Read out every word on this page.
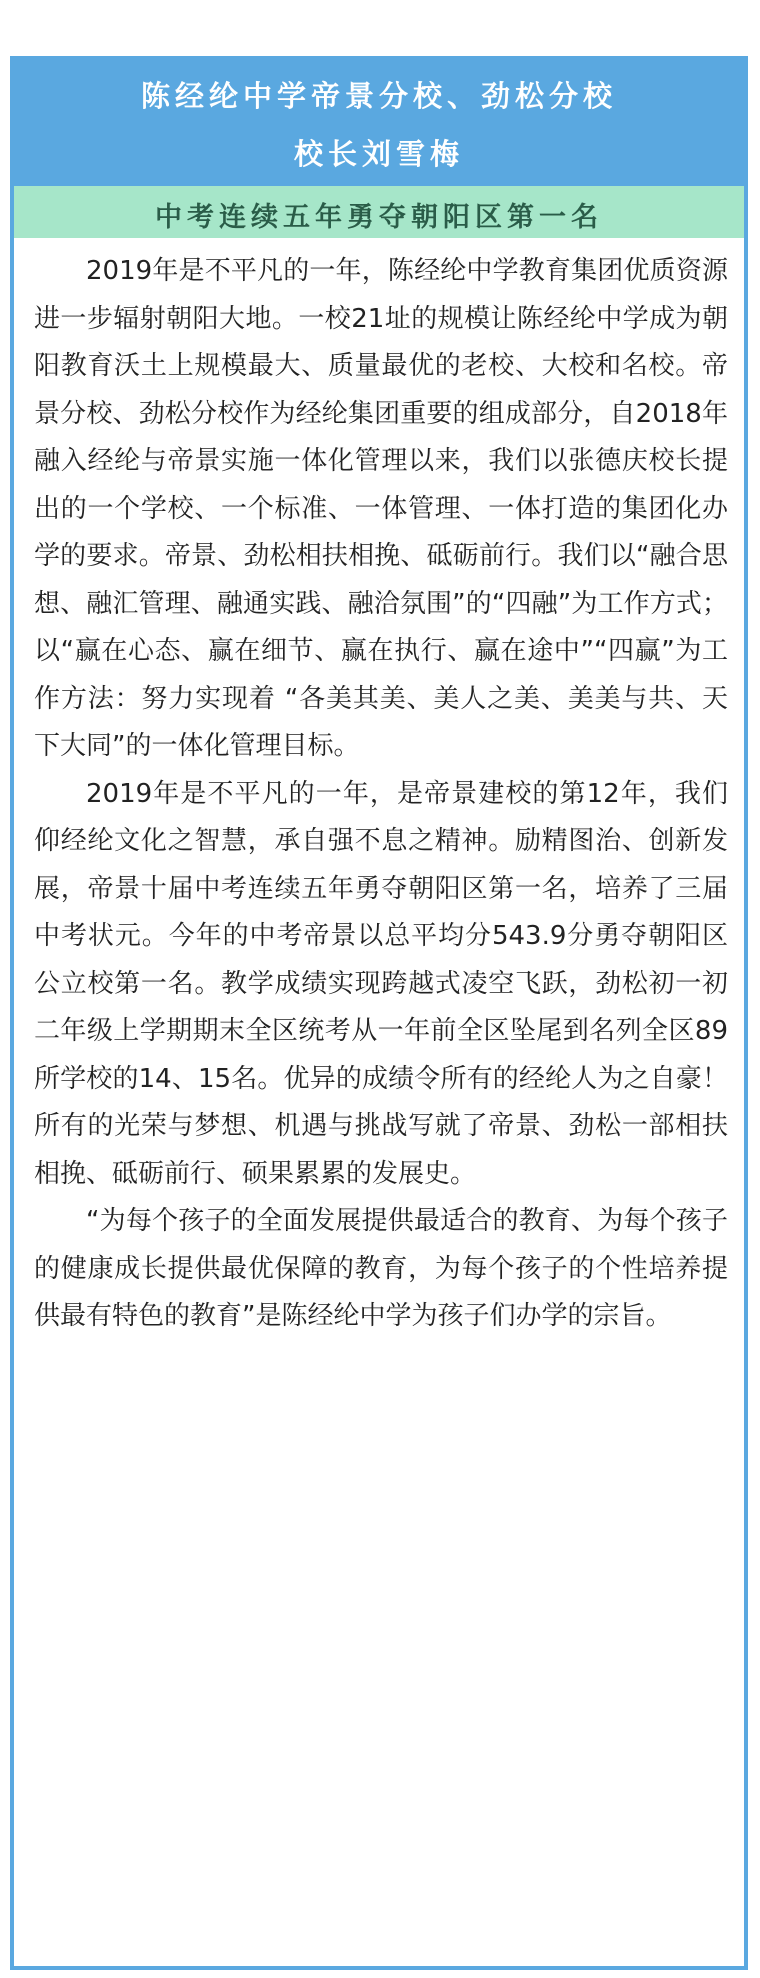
陈经纶中学帝景分校、劲松分校
校长刘雪梅
中考连续五年勇夺朝阳区第一名

2019年是不平凡的一年，陈经纶中学教育集团优质资源进一步辐射朝阳大地。一校21址的规模让陈经纶中学成为朝阳教育沃土上规模最大、质量最优的老校、大校和名校。帝景分校、劲松分校作为经纶集团重要的组成部分，自2018年融入经纶与帝景实施一体化管理以来，我们以张德庆校长提出的一个学校、一个标准、一体管理、一体打造的集团化办学的要求。帝景、劲松相扶相挽、砥砺前行。我们以“融合思想、融汇管理、融通实践、融洽氛围”的“四融”为工作方式；以“赢在心态、赢在细节、赢在执行、赢在途中”“四赢”为工作方法：努力实现着 “各美其美、美人之美、美美与共、天下大同”的一体化管理目标。

2019年是不平凡的一年，是帝景建校的第12年，我们仰经纶文化之智慧，承自强不息之精神。励精图治、创新发展，帝景十届中考连续五年勇夺朝阳区第一名，培养了三届中考状元。今年的中考帝景以总平均分543.9分勇夺朝阳区公立校第一名。教学成绩实现跨越式凌空飞跃，劲松初一初二年级上学期期末全区统考从一年前全区坠尾到名列全区89所学校的14、15名。优异的成绩令所有的经纶人为之自豪！所有的光荣与梦想、机遇与挑战写就了帝景、劲松一部相扶相挽、砥砺前行、硕果累累的发展史。

“为每个孩子的全面发展提供最适合的教育、为每个孩子的健康成长提供最优保障的教育，为每个孩子的个性培养提供最有特色的教育”是陈经纶中学为孩子们办学的宗旨。
